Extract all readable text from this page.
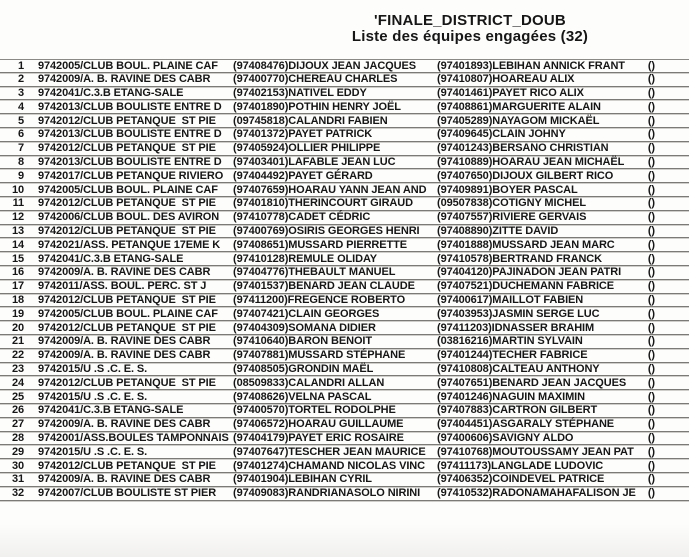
'FINALE_DISTRICT_DOUB
Liste des équipes engagées (32)
1 9742005/CLUB BOUL. PLAINE CAF	(97408476)DIJOUX JEAN JACQUES	(97401893)LEBIHAN ANNICK FRANT	()
2 9742009/A. B. RAVINE DES CABR	(97400770)CHEREAU CHARLES	(97410807)HOAREAU ALIX	()
3 9742041/C.3.B ETANG-SALE	(97402153)NATIVEL EDDY	(97401461)PAYET RICO ALIX	()
4 9742013/CLUB BOULISTE ENTRE D	(97401890)POTHIN HENRY JOËL	(97408861)MARGUERITE ALAIN	()
5 9742012/CLUB PETANQUE  ST PIE	(09745818)CALANDRI FABIEN	(97405289)NAYAGOM MICKAËL	()
6 9742013/CLUB BOULISTE ENTRE D	(97401372)PAYET PATRICK	(97409645)CLAIN JOHNY	()
7 9742012/CLUB PETANQUE  ST PIE	(97405924)OLLIER PHILIPPE	(97401243)BERSANO CHRISTIAN	()
8 9742013/CLUB BOULISTE ENTRE D	(97403401)LAFABLE JEAN LUC	(97410889)HOARAU JEAN MICHAËL	()
9 9742017/CLUB PETANQUE RIVIERO (97404492)PAYET GÉRARD	(97407650)DIJOUX GILBERT RICO	()
10 9742005/CLUB BOUL. PLAINE CAF	(97407659)HOARAU YANN JEAN AND (97409891)BOYER PASCAL	()
11 9742012/CLUB PETANQUE  ST PIE	(97401810)THERINCOURT GIRAUD	(09507838)COTIGNY MICHEL	()
12 9742006/CLUB BOUL. DES AVIRON	(97410778)CADET CÉDRIC	(97407557)RIVIERE GERVAIS	()
13 9742012/CLUB PETANQUE  ST PIE	(97400769)OSIRIS GEORGES HENRI	(97408890)ZITTE DAVID	()
14 9742021/ASS. PETANQUE 17EME K	(97408651)MUSSARD PIERRETTE	(97401888)MUSSARD JEAN MARC	()
15 9742041/C.3.B ETANG-SALE	(97410128)REMULE OLIDAY	(97410578)BERTRAND FRANCK	()
16 9742009/A. B. RAVINE DES CABR	(97404776)THEBAULT MANUEL	(97404120)PAJINADON JEAN PATRI	()
17 9742011/ASS. BOUL. PERC. ST J	(97401537)BENARD JEAN CLAUDE	(97407521)DUCHEMANN FABRICE	()
18 9742012/CLUB PETANQUE  ST PIE	(97411200)FREGENCE ROBERTO	(97400617)MAILLOT FABIEN	()
19 9742005/CLUB BOUL. PLAINE CAF	(97407421)CLAIN GEORGES	(97403953)JASMIN SERGE LUC	()
20 9742012/CLUB PETANQUE  ST PIE	(97404309)SOMANA DIDIER	(97411203)IDNASSER BRAHIM	()
21 9742009/A. B. RAVINE DES CABR	(97410640)BARON BENOIT	(03816216)MARTIN SYLVAIN	()
22 9742009/A. B. RAVINE DES CABR	(97407881)MUSSARD STÉPHANE	(97401244)TECHER FABRICE	()
23 9742015/U .S .C. E. S.	(97408505)GRONDIN MAËL	(97410808)CALTEAU ANTHONY	()
24 9742012/CLUB PETANQUE  ST PIE	(08509833)CALANDRI ALLAN	(97407651)BENARD JEAN JACQUES	()
25 9742015/U .S .C. E. S.	(97408626)VELNA PASCAL	(97401246)NAGUIN MAXIMIN	()
26 9742041/C.3.B ETANG-SALE	(97400570)TORTEL RODOLPHE	(97407883)CARTRON GILBERT	()
27 9742009/A. B. RAVINE DES CABR	(97406572)HOARAU GUILLAUME	(97404451)ASGARALY STÉPHANE	()
28 9742001/ASS.BOULES TAMPONNAIS (97404179)PAYET ERIC ROSAIRE	(97400606)SAVIGNY ALDO	()
29 9742015/U .S .C. E. S.	(97407647)TESCHER JEAN MAURICE	(97410768)MOUTOUSSAMY JEAN PAT	()
30 9742012/CLUB PETANQUE  ST PIE	(97401274)CHAMAND NICOLAS VINC	(97411173)LANGLADE LUDOVIC	()
31 9742009/A. B. RAVINE DES CABR	(97401904)LEBIHAN CYRIL	(97406352)COINDEVEL PATRICE	()
32 9742007/CLUB BOULISTE ST PIER	(97409083)RANDRIANASOLO NIRINI	(97410532)RADONAMAHAFALISON JE	()
